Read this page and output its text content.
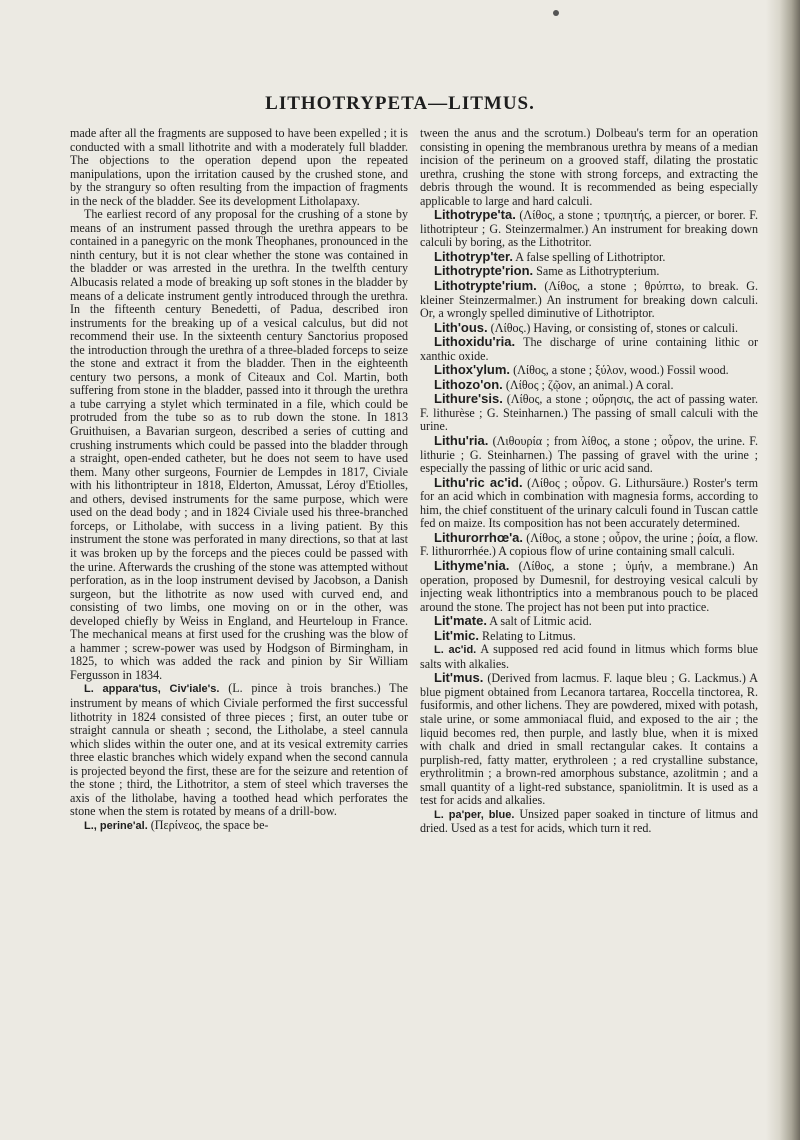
LITHOTRYPETA—LITMUS.

made after all the fragments are supposed to have been expelled ; it is conducted with a small lithotrite and with a moderately full bladder. The objections to the operation depend upon the repeated manipulations, upon the irritation caused by the crushed stone, and by the strangury so often resulting from the impaction of fragments in the neck of the bladder. See its development Litholapaxy.

The earliest record of any proposal for the crushing of a stone by means of an instrument passed through the urethra appears to be contained in a panegyric on the monk Theophanes, pronounced in the ninth century, but it is not clear whether the stone was contained in the bladder or was arrested in the urethra. In the twelfth century Albucasis related a mode of breaking up soft stones in the bladder by means of a delicate instrument gently introduced through the urethra. In the fifteenth century Benedetti, of Padua, described iron instruments for the breaking up of a vesical calculus, but did not recommend their use. In the sixteenth century Sanctorius proposed the introduction through the urethra of a three-bladed forceps to seize the stone and extract it from the bladder. Then in the eighteenth century two persons, a monk of Citeaux and Col. Martin, both suffering from stone in the bladder, passed into it through the urethra a tube carrying a stylet which terminated in a file, which could be protruded from the tube so as to rub down the stone. In 1813 Gruithuisen, a Bavarian surgeon, described a series of cutting and crushing instruments which could be passed into the bladder through a straight, open-ended catheter, but he does not seem to have used them. Many other surgeons, Fournier de Lempdes in 1817, Civiale with his lithontripteur in 1818, Elderton, Amussat, Léroy d'Etiolles, and others, devised instruments for the same purpose, which were used on the dead body ; and in 1824 Civiale used his three-branched forceps, or Litholabe, with success in a living patient. By this instrument the stone was perforated in many directions, so that at last it was broken up by the forceps and the pieces could be passed with the urine. Afterwards the crushing of the stone was attempted without perforation, as in the loop instrument devised by Jacobson, a Danish surgeon, but the lithotrite as now used with curved end, and consisting of two limbs, one moving on or in the other, was developed chiefly by Weiss in England, and Heurteloup in France. The mechanical means at first used for the crushing was the blow of a hammer ; screw-power was used by Hodgson of Birmingham, in 1825, to which was added the rack and pinion by Sir William Fergusson in 1834.

L. appara'tus, Civ'iale's. (L. pince à trois branches.) The instrument by means of which Civiale performed the first successful lithotrity in 1824 consisted of three pieces ; first, an outer tube or straight cannula or sheath ; second, the Litholabe, a steel cannula which slides within the outer one, and at its vesical extremity carries three elastic branches which widely expand when the second cannula is projected beyond the first, these are for the seizure and retention of the stone ; third, the Lithotritor, a stem of steel which traverses the axis of the litholabe, having a toothed head which perforates the stone when the stem is rotated by means of a drill-bow.

L., perine'al. (Περίνεος, the space be-

tween the anus and the scrotum.) Dolbeau's term for an operation consisting in opening the membranous urethra by means of a median incision of the perineum on a grooved staff, dilating the prostatic urethra, crushing the stone with strong forceps, and extracting the debris through the wound. It is recommended as being especially applicable to large and hard calculi.

Lithotrype'ta. (Λίθος, a stone ; τρυπητής, a piercer, or borer. F. lithotripteur ; G. Steinzermalmer.) An instrument for breaking down calculi by boring, as the Lithotritor.

Lithotryp'ter. A false spelling of Lithotriptor.

Lithotrypte'rion. Same as Lithotrypterium.

Lithotrypte'rium. (Λίθος, a stone ; θρύπτω, to break. G. kleiner Steinzermalmer.) An instrument for breaking down calculi. Or, a wrongly spelled diminutive of Lithotriptor.

Lith'ous. (Λίθος.) Having, or consisting of, stones or calculi.

Lithoxidu'ria. The discharge of urine containing lithic or xanthic oxide.

Lithox'ylum. (Λίθος, a stone ; ξύλον, wood.) Fossil wood.

Lithozo'on. (Λίθος ; ζῷον, an animal.) A coral.

Lithure'sis. (Λίθος, a stone ; οὔρησις, the act of passing water. F. lithurèse ; G. Steinharnen.) The passing of small calculi with the urine.

Lithu'ria. (Λιθουρία ; from λίθος, a stone ; οὖρον, the urine. F. lithurie ; G. Steinharnen.) The passing of gravel with the urine ; especially the passing of lithic or uric acid sand.

Lithu'ric ac'id. (Λίθος ; οὖρον. G. Lithursäure.) Roster's term for an acid which in combination with magnesia forms, according to him, the chief constituent of the urinary calculi found in Tuscan cattle fed on maize. Its composition has not been accurately determined.

Lithurorrhœ'a. (Λίθος, a stone ; οὖρον, the urine ; ῥοία, a flow. F. lithurorrhée.) A copious flow of urine containing small calculi.

Lithyme'nia. (Λίθος, a stone ; ὑμήν, a membrane.) An operation, proposed by Dumesnil, for destroying vesical calculi by injecting weak lithontriptics into a membranous pouch to be placed around the stone. The project has not been put into practice.

Lit'mate. A salt of Litmic acid.

Lit'mic. Relating to Litmus.

L. ac'id. A supposed red acid found in litmus which forms blue salts with alkalies.

Lit'mus. (Derived from lacmus. F. laque bleu ; G. Lackmus.) A blue pigment obtained from Lecanora tartarea, Roccella tinctorea, R. fusiformis, and other lichens. They are powdered, mixed with potash, stale urine, or some ammoniacal fluid, and exposed to the air ; the liquid becomes red, then purple, and lastly blue, when it is mixed with chalk and dried in small rectangular cakes. It contains a purplish-red, fatty matter, erythroleen ; a red crystalline substance, erythrolitmin ; a brown-red amorphous substance, azolitmin ; and a small quantity of a light-red substance, spaniolitmin. It is used as a test for acids and alkalies.

L. pa'per, blue. Unsized paper soaked in tincture of litmus and dried. Used as a test for acids, which turn it red.
